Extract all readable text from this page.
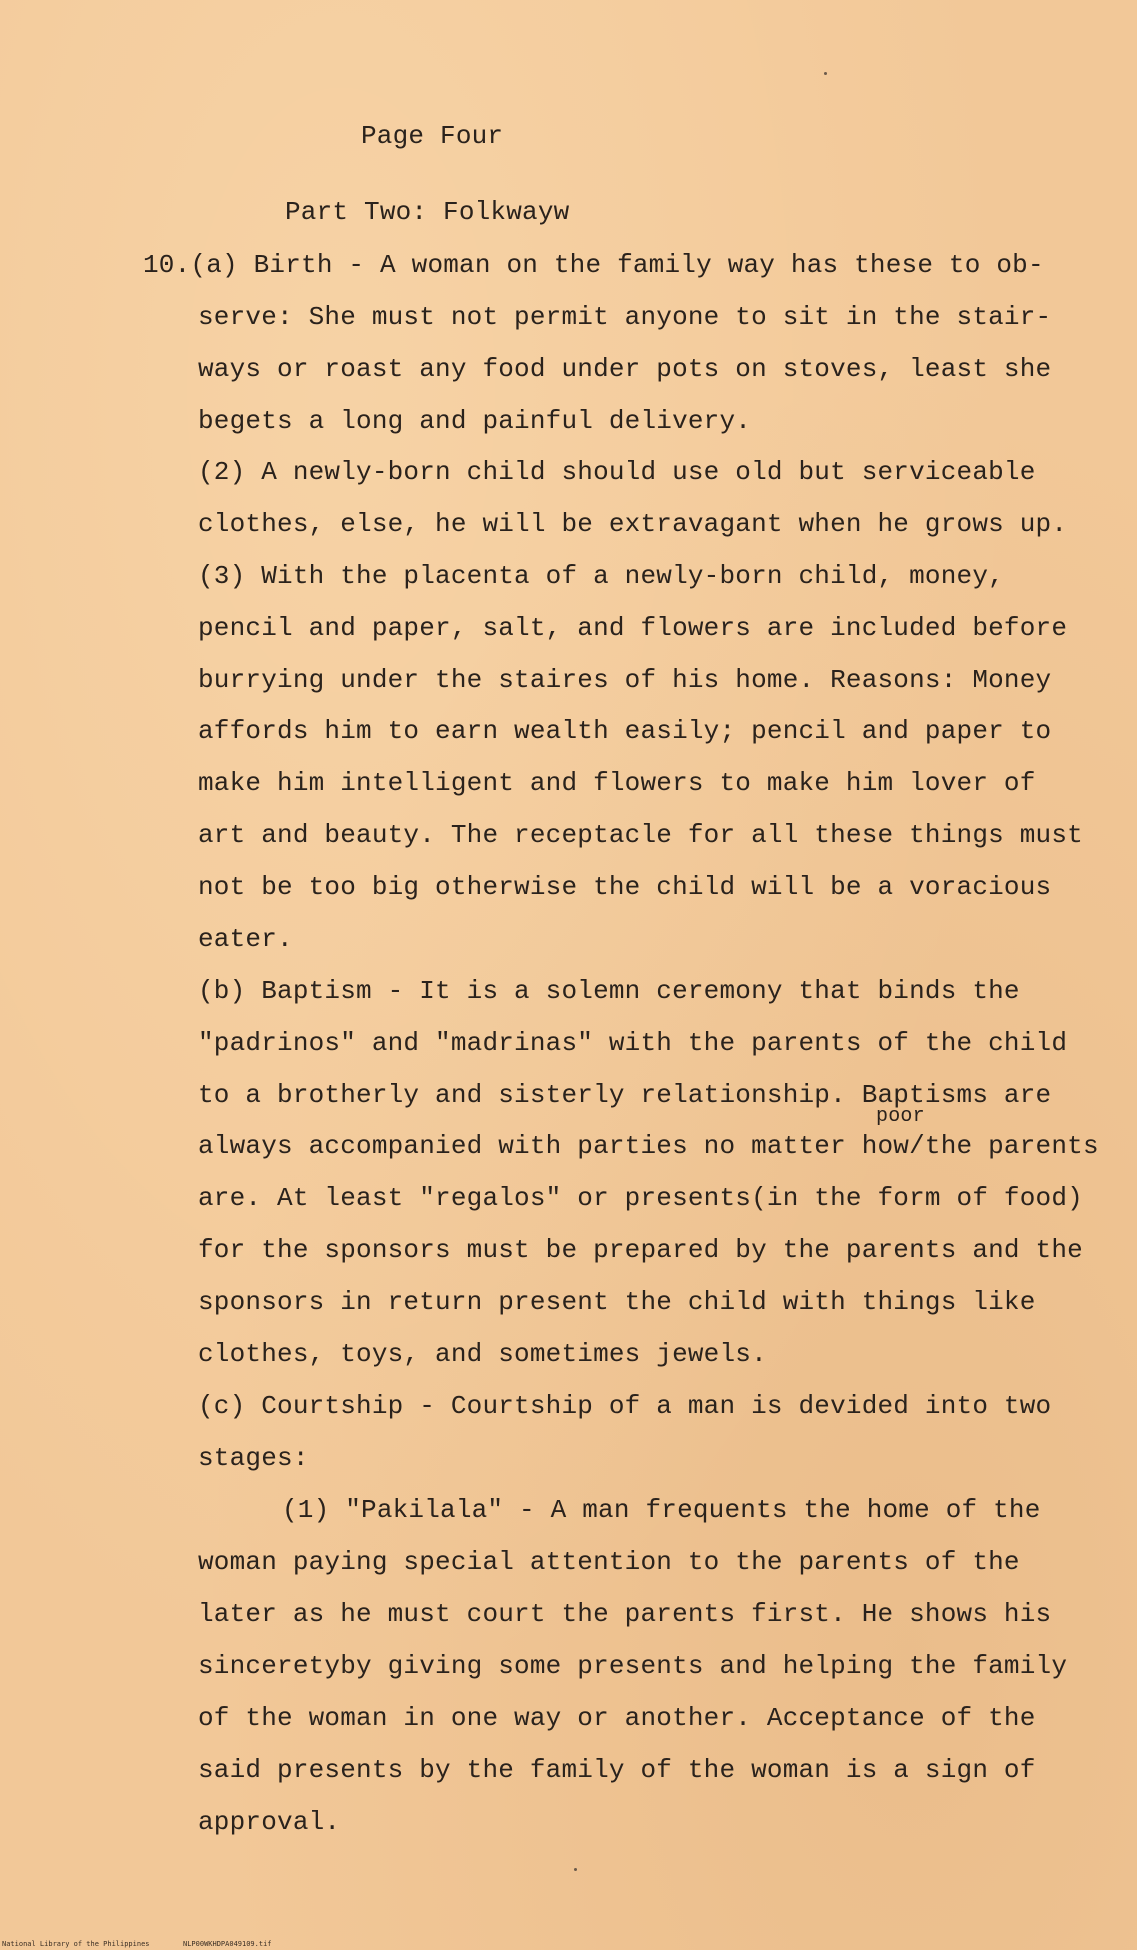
Page Four
Part Two: Folkwayw
10.(a) Birth - A woman on the family way has these to ob-
serve: She must not permit anyone to sit in the stair-
ways or roast any food under pots on stoves, least she
begets a long and painful delivery.
(2) A newly-born child should use old but serviceable
clothes, else, he will be extravagant when he grows up.
(3) With the placenta of a newly-born child, money,
pencil and paper, salt, and flowers are included before
burrying under the staires of his home. Reasons: Money
affords him to earn wealth easily; pencil and paper to
make him intelligent and flowers to make him lover of
art and beauty. The receptacle for all these things must
not be too big otherwise the child will be a voracious
eater.
(b) Baptism - It is a solemn ceremony that binds the
"padrinos" and "madrinas" with the parents of the child
to a brotherly and sisterly relationship. Baptisms are
poor
always accompanied with parties no matter how/the parents
are. At least "regalos" or presents(in the form of food)
for the sponsors must be prepared by the parents and the
sponsors in return present the child with things like
clothes, toys, and sometimes jewels.
(c) Courtship - Courtship of a man is devided into two
stages:
(1) "Pakilala" - A man frequents the home of the
woman paying special attention to the parents of the
later as he must court the parents first. He shows his
sinceretyby giving some presents and helping the family
of the woman in one way or another. Acceptance of the
said presents by the family of the woman is a sign of
approval.
National Library of the Philippines	NLP00WKHDPA049109.tif
